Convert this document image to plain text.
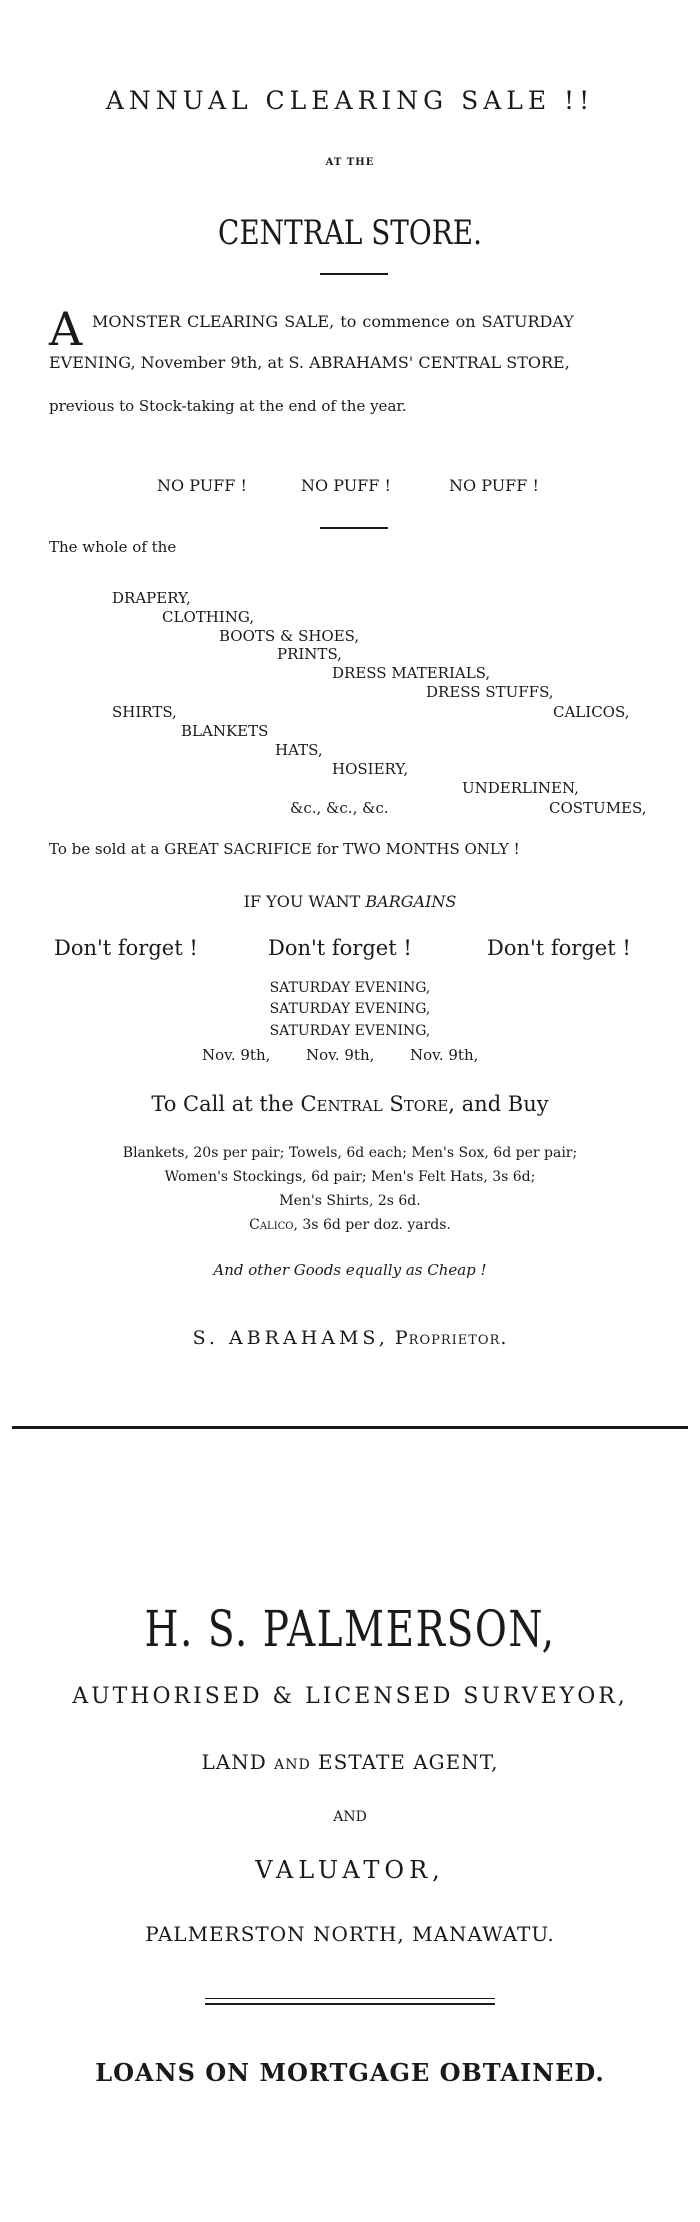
ANNUAL CLEARING SALE !!
AT THE
CENTRAL STORE.
A MONSTER CLEARING SALE, to commence on SATURDAY
EVENING, November 9th, at S. ABRAHAMS' CENTRAL STORE,
previous to Stock-taking at the end of the year.
NO PUFF !	NO PUFF !	NO PUFF !
The whole of the
DRAPERY,
CLOTHING,
BOOTS & SHOES,
PRINTS,
DRESS MATERIALS,
DRESS STUFFS,
SHIRTS,	CALICOS,
BLANKETS
HATS,
HOSIERY,
UNDERLINEN,
&c., &c., &c.	COSTUMES,
To be sold at a GREAT SACRIFICE for TWO MONTHS ONLY !
IF YOU WANT BARGAINS
Don't forget !	Don't forget !	Don't forget !
SATURDAY EVENING,
SATURDAY EVENING,
SATURDAY EVENING,
Nov. 9th, Nov. 9th, Nov. 9th,
To Call at the Central Store, and Buy
Blankets, 20s per pair; Towels, 6d each; Men's Sox, 6d per pair;
Women's Stockings, 6d pair; Men's Felt Hats, 3s 6d;
Men's Shirts, 2s 6d.
Calico, 3s 6d per doz. yards.
And other Goods equally as Cheap !
S. ABRAHAMS, Proprietor.
H. S. PALMERSON,
AUTHORISED & LICENSED SURVEYOR,
LAND and ESTATE AGENT,
AND
VALUATOR,
PALMERSTON NORTH, MANAWATU.
LOANS ON MORTGAGE OBTAINED.
